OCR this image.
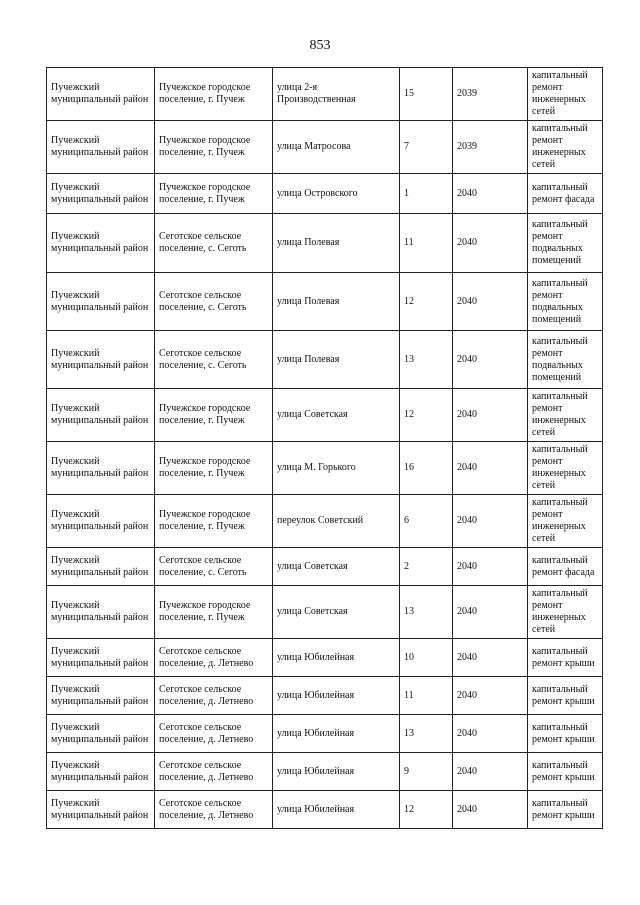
853
Пучежский муниципальный район	Пучежское городское поселение, г. Пучеж	улица 2-я Производственная	15	2039	капитальный ремонт инженерных сетей
Пучежский муниципальный район	Пучежское городское поселение, г. Пучеж	улица Матросова	7	2039	капитальный ремонт инженерных сетей
Пучежский муниципальный район	Пучежское городское поселение, г. Пучеж	улица Островского	1	2040	капитальный ремонт фасада
Пучежский муниципальный район	Сеготское сельское поселение, с. Сеготь	улица Полевая	11	2040	капитальный ремонт подвальных помещений
Пучежский муниципальный район	Сеготское сельское поселение, с. Сеготь	улица Полевая	12	2040	капитальный ремонт подвальных помещений
Пучежский муниципальный район	Сеготское сельское поселение, с. Сеготь	улица Полевая	13	2040	капитальный ремонт подвальных помещений
Пучежский муниципальный район	Пучежское городское поселение, г. Пучеж	улица Советская	12	2040	капитальный ремонт инженерных сетей
Пучежский муниципальный район	Пучежское городское поселение, г. Пучеж	улица М. Горького	16	2040	капитальный ремонт инженерных сетей
Пучежский муниципальный район	Пучежское городское поселение, г. Пучеж	переулок Советский	6	2040	капитальный ремонт инженерных сетей
Пучежский муниципальный район	Сеготское сельское поселение, с. Сеготь	улица Советская	2	2040	капитальный ремонт фасада
Пучежский муниципальный район	Пучежское городское поселение, г. Пучеж	улица Советская	13	2040	капитальный ремонт инженерных сетей
Пучежский муниципальный район	Сеготское сельское поселение, д. Летнево	улица Юбилейная	10	2040	капитальный ремонт крыши
Пучежский муниципальный район	Сеготское сельское поселение, д. Летнево	улица Юбилейная	11	2040	капитальный ремонт крыши
Пучежский муниципальный район	Сеготское сельское поселение, д. Летнево	улица Юбилейная	13	2040	капитальный ремонт крыши
Пучежский муниципальный район	Сеготское сельское поселение, д. Летнево	улица Юбилейная	9	2040	капитальный ремонт крыши
Пучежский муниципальный район	Сеготское сельское поселение, д. Летнево	улица Юбилейная	12	2040	капитальный ремонт крыши
